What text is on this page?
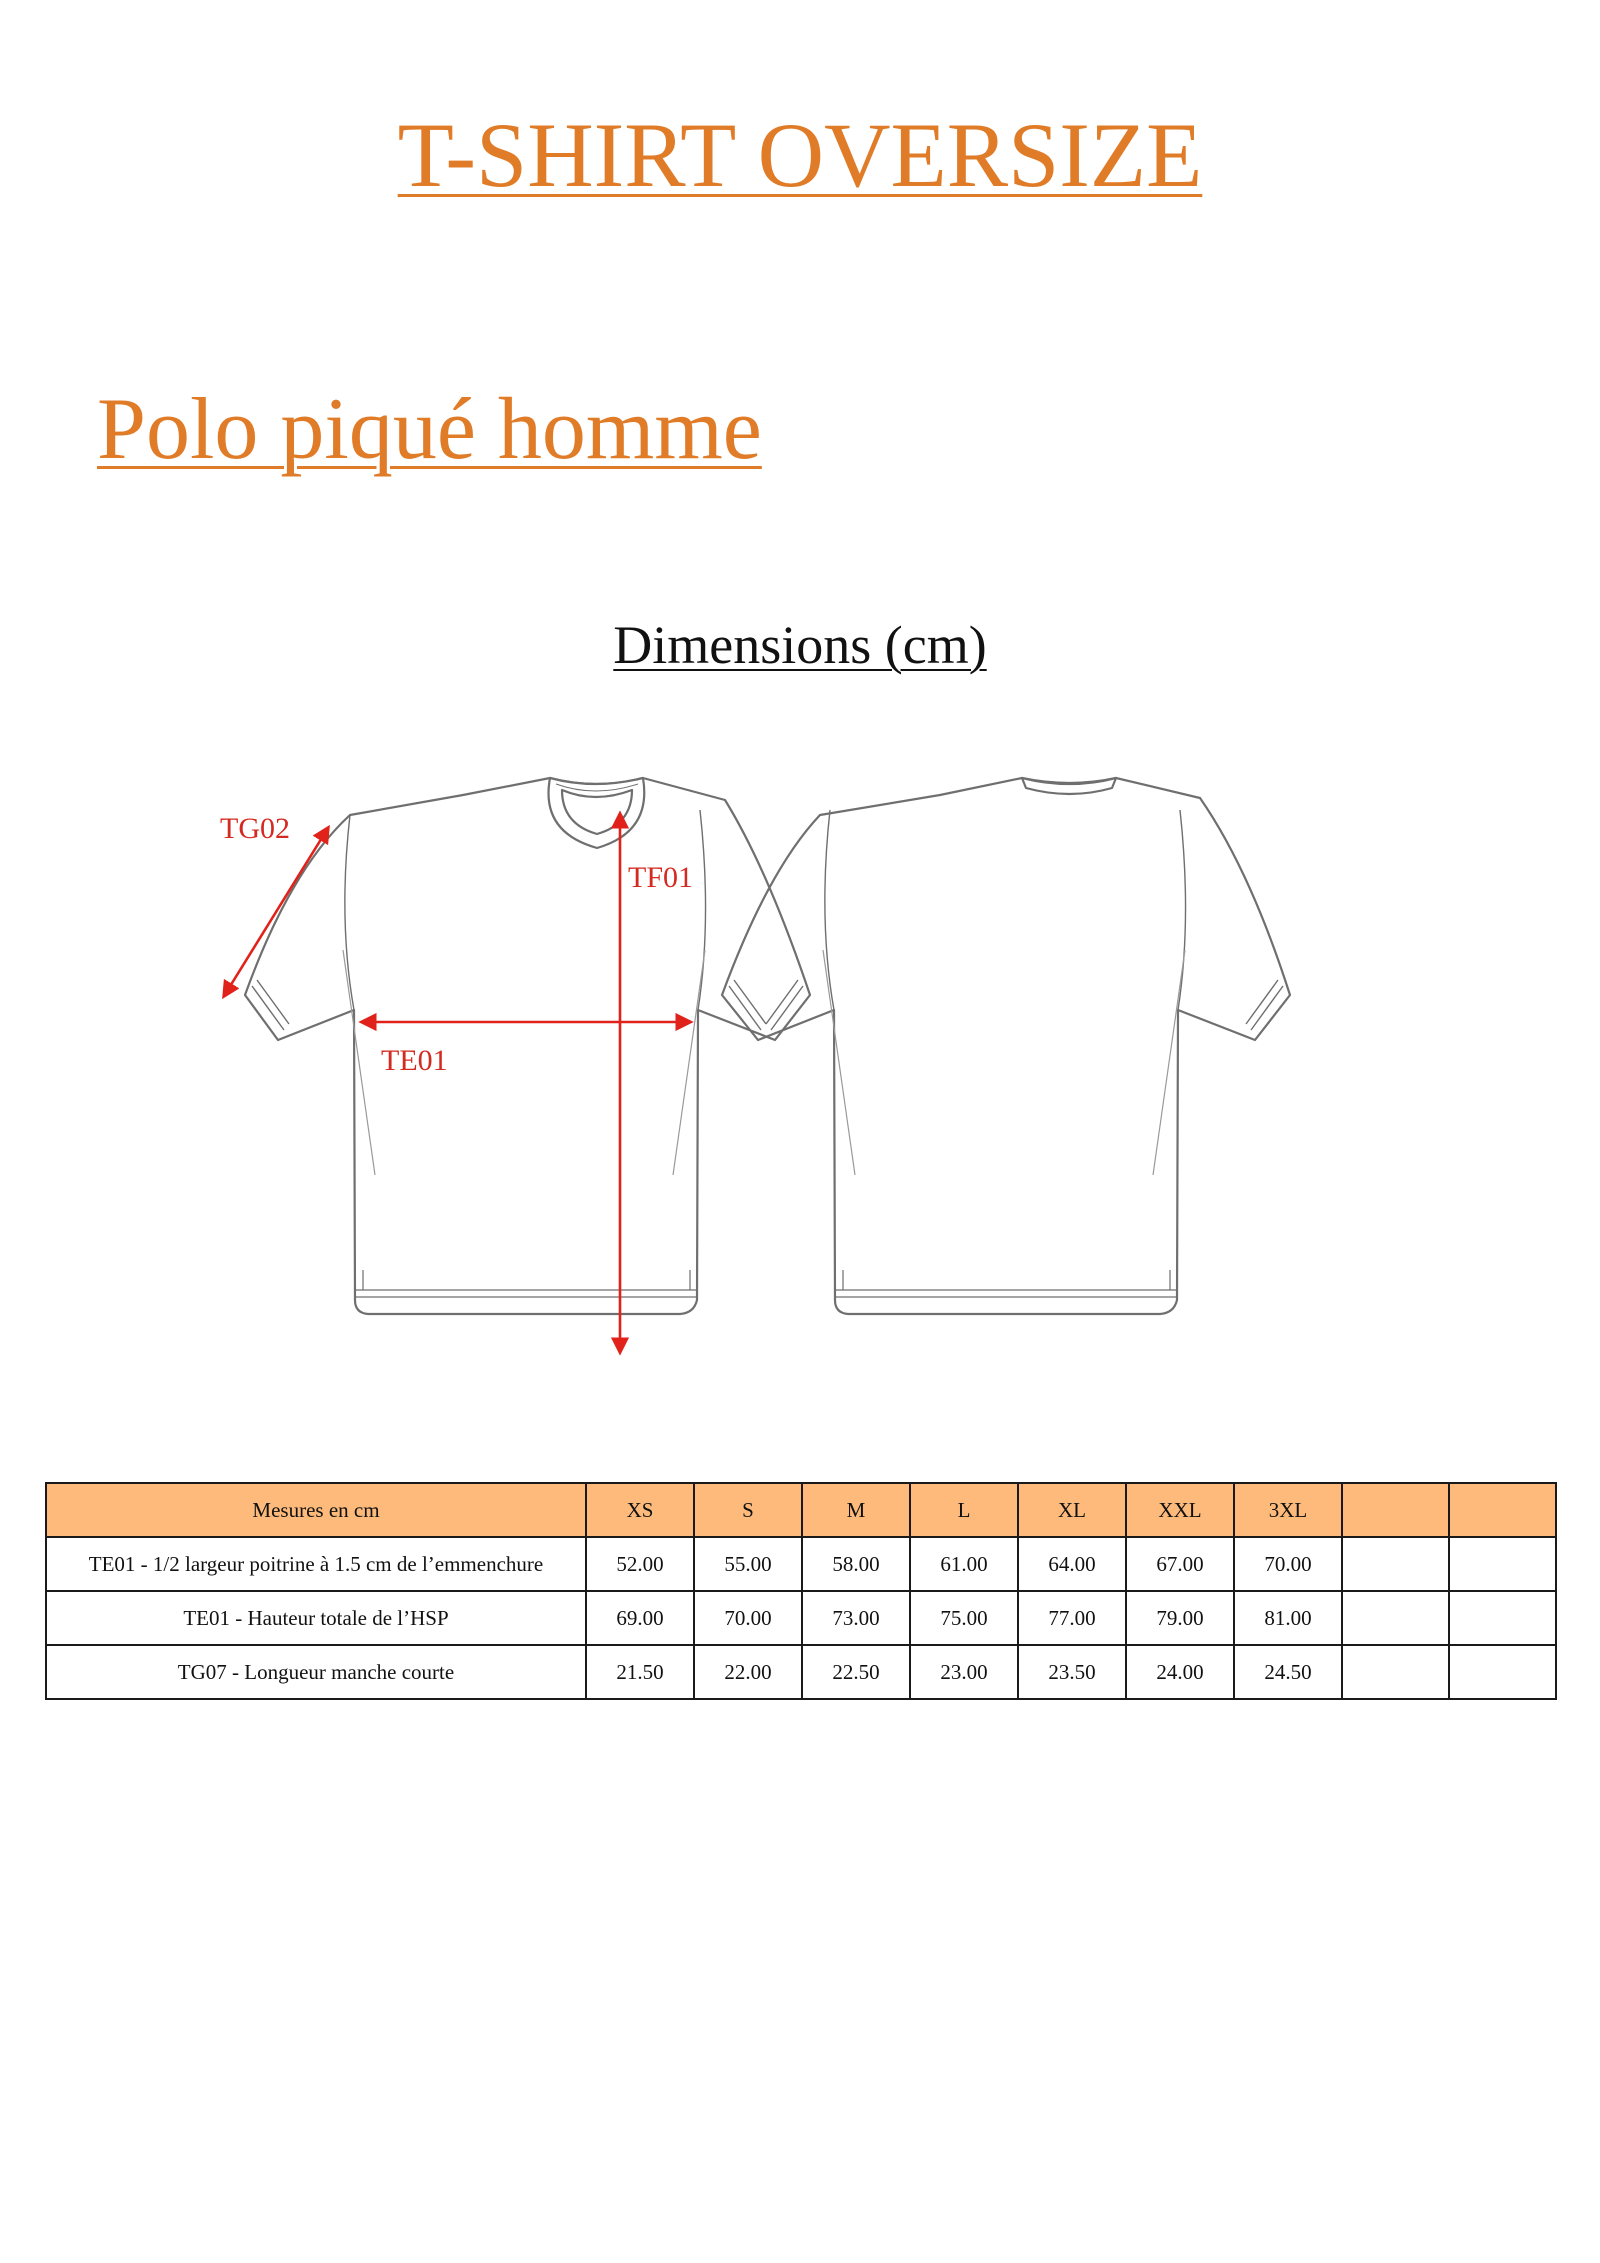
T-SHIRT OVERSIZE
Polo piqué homme
Dimensions (cm)
TG02
TF01
TE01
Mesures en cm	XS	S	M	L	XL	XXL	3XL		
TE01 - 1/2 largeur poitrine à 1.5 cm de l’emmenchure	52.00	55.00	58.00	61.00	64.00	67.00	70.00		
TE01 - Hauteur totale de l’HSP	69.00	70.00	73.00	75.00	77.00	79.00	81.00		
TG07 - Longueur manche courte	21.50	22.00	22.50	23.00	23.50	24.00	24.50		
